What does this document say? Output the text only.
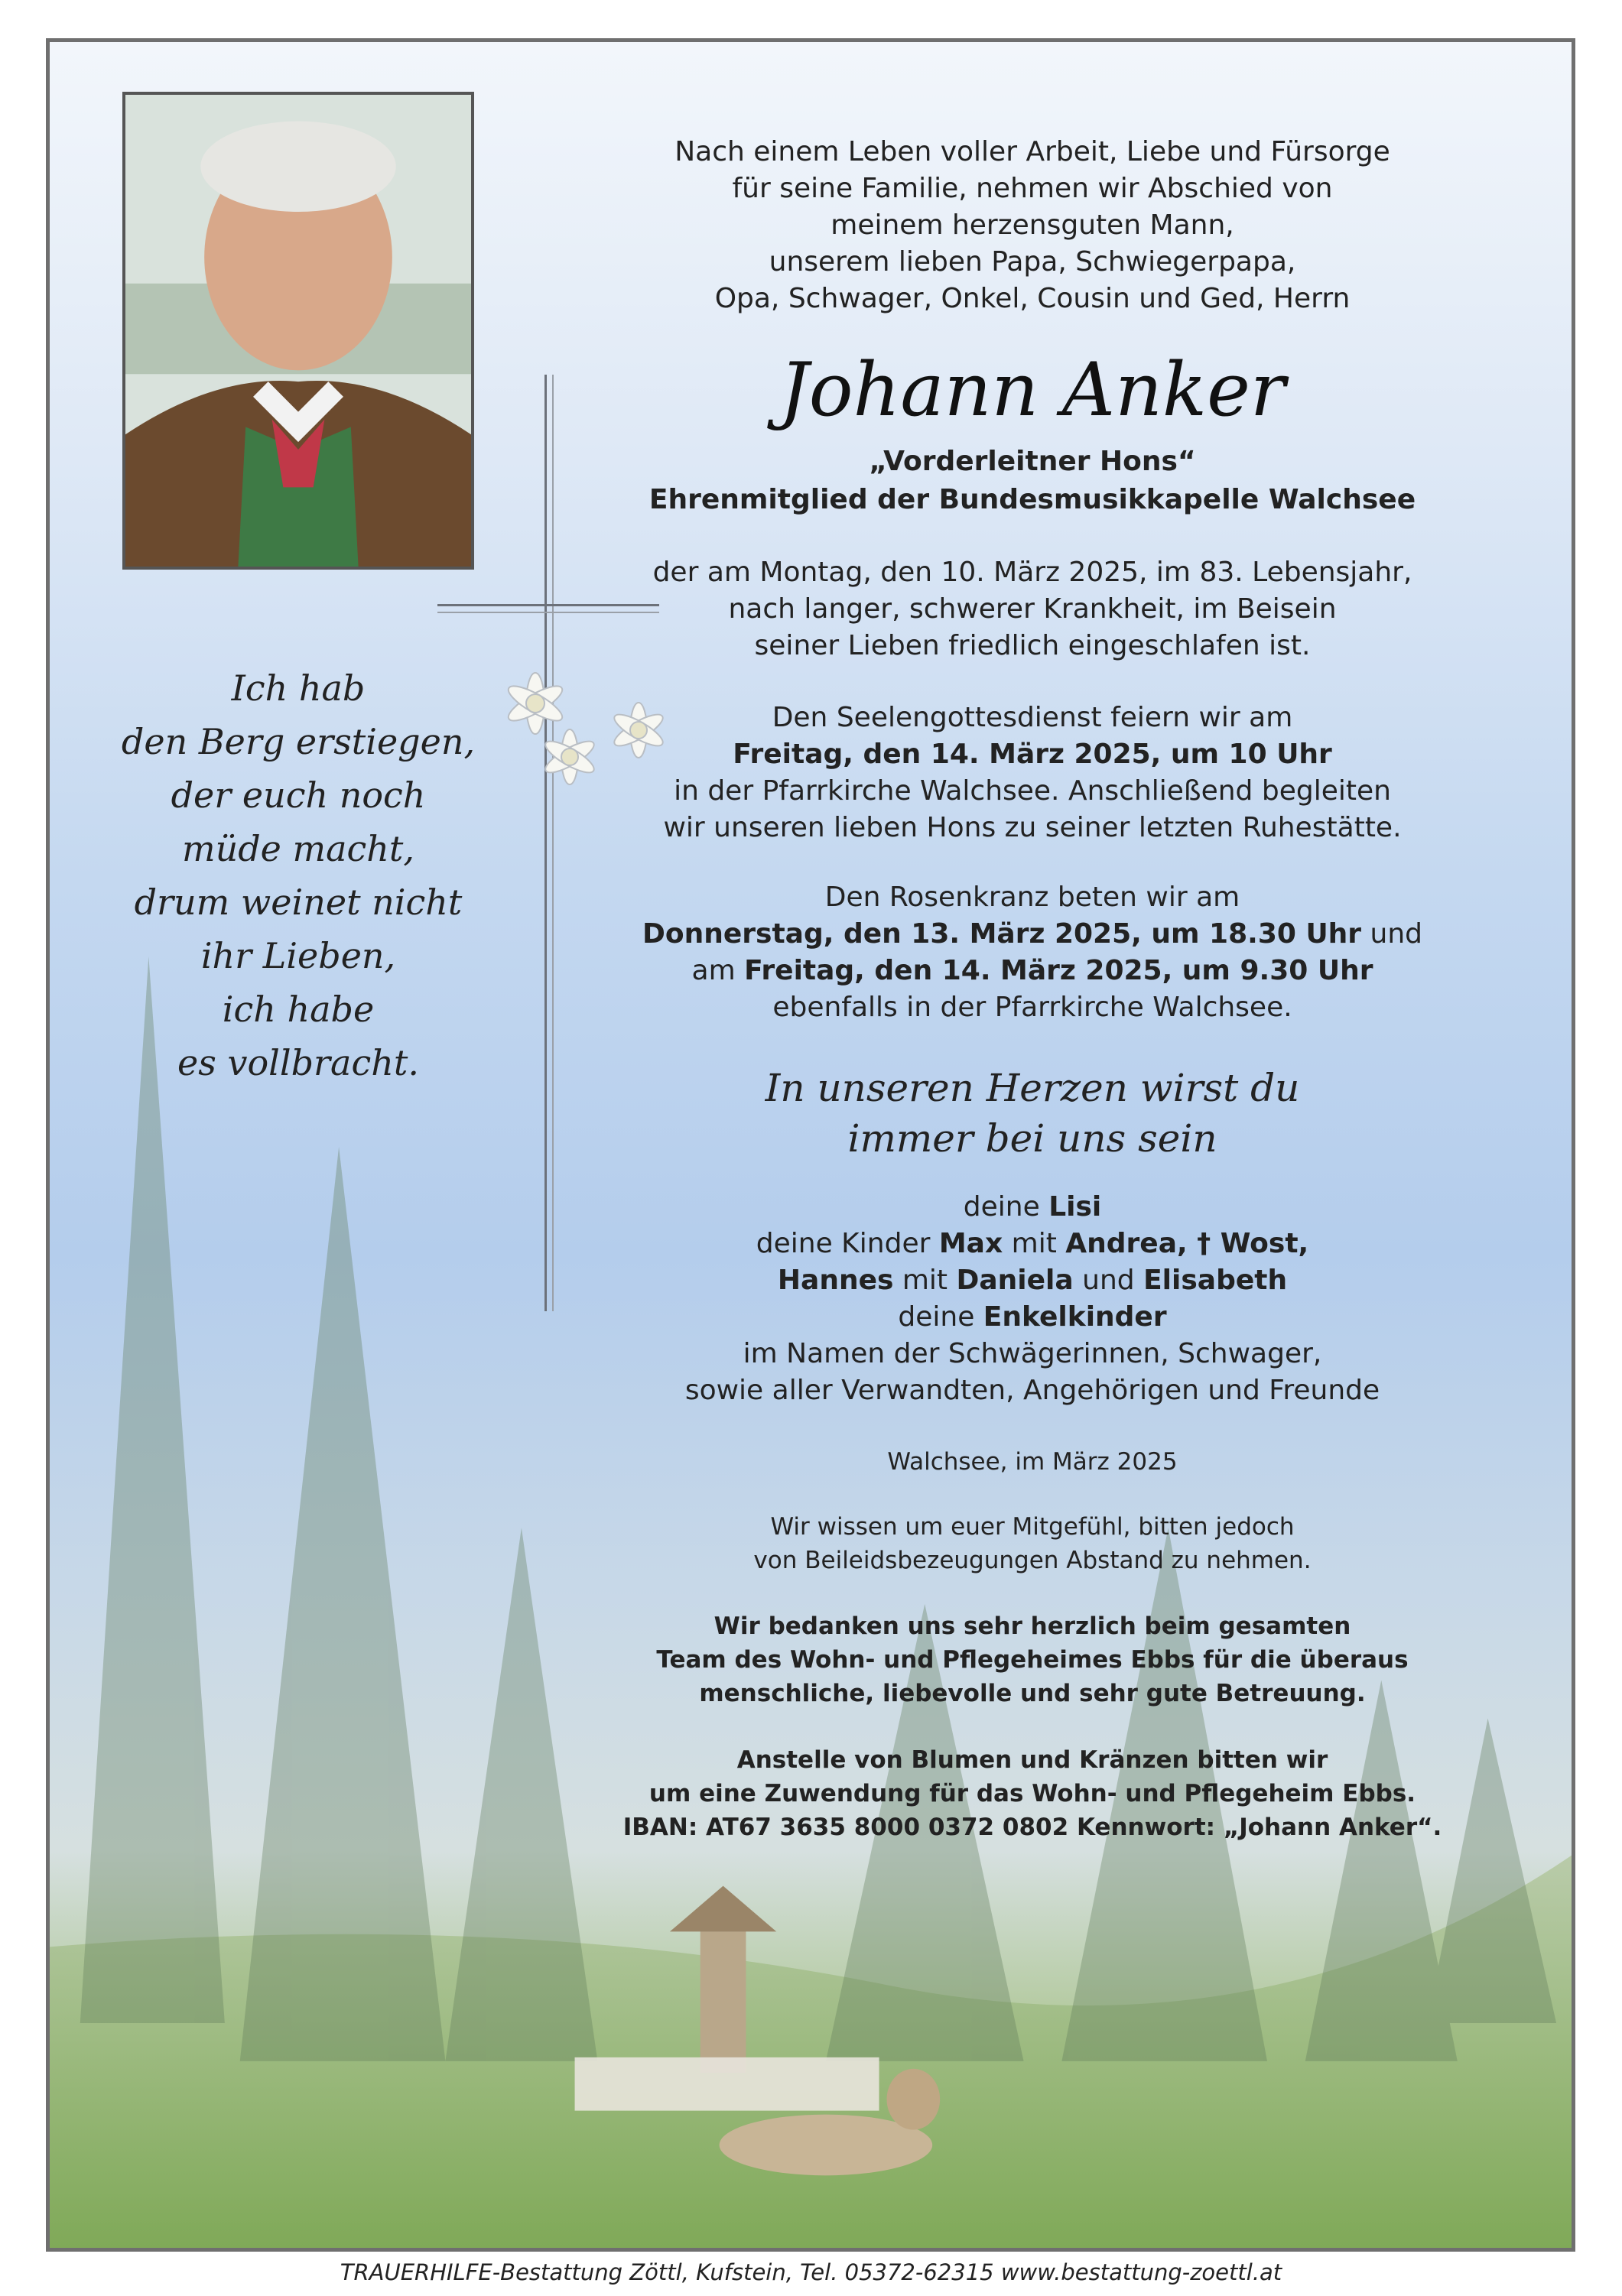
Ich hab
den Berg erstiegen,
der euch noch
müde macht,
drum weinet nicht
ihr Lieben,
ich habe
es vollbracht.
Nach einem Leben voller Arbeit, Liebe und Fürsorge
für seine Familie, nehmen wir Abschied von
meinem herzensguten Mann,
unserem lieben Papa, Schwiegerpapa,
Opa, Schwager, Onkel, Cousin und Ged, Herrn
Johann Anker
„Vorderleitner Hons“
Ehrenmitglied der Bundesmusikkapelle Walchsee
der am Montag, den 10. März 2025, im 83. Lebensjahr,
nach langer, schwerer Krankheit, im Beisein
seiner Lieben friedlich eingeschlafen ist.
Den Seelengottesdienst feiern wir am
Freitag, den 14. März 2025, um 10 Uhr
in der Pfarrkirche Walchsee. Anschließend begleiten
wir unseren lieben Hons zu seiner letzten Ruhestätte.
Den Rosenkranz beten wir am
Donnerstag, den 13. März 2025, um 18.30 Uhr und
am Freitag, den 14. März 2025, um 9.30 Uhr
ebenfalls in der Pfarrkirche Walchsee.
In unseren Herzen wirst du
immer bei uns sein
deine Lisi
deine Kinder Max mit Andrea, † Wost,
Hannes mit Daniela und Elisabeth
deine Enkelkinder
im Namen der Schwägerinnen, Schwager,
sowie aller Verwandten, Angehörigen und Freunde
Walchsee, im März 2025
Wir wissen um euer Mitgefühl, bitten jedoch
von Beileidsbezeugungen Abstand zu nehmen.
Wir bedanken uns sehr herzlich beim gesamten
Team des Wohn- und Pflegeheimes Ebbs für die überaus
menschliche, liebevolle und sehr gute Betreuung.
Anstelle von Blumen und Kränzen bitten wir
um eine Zuwendung für das Wohn- und Pflegeheim Ebbs.
IBAN: AT67 3635 8000 0372 0802 Kennwort: „Johann Anker“.
TRAUERHILFE-Bestattung Zöttl, Kufstein, Tel. 05372-62315 www.bestattung-zoettl.at
